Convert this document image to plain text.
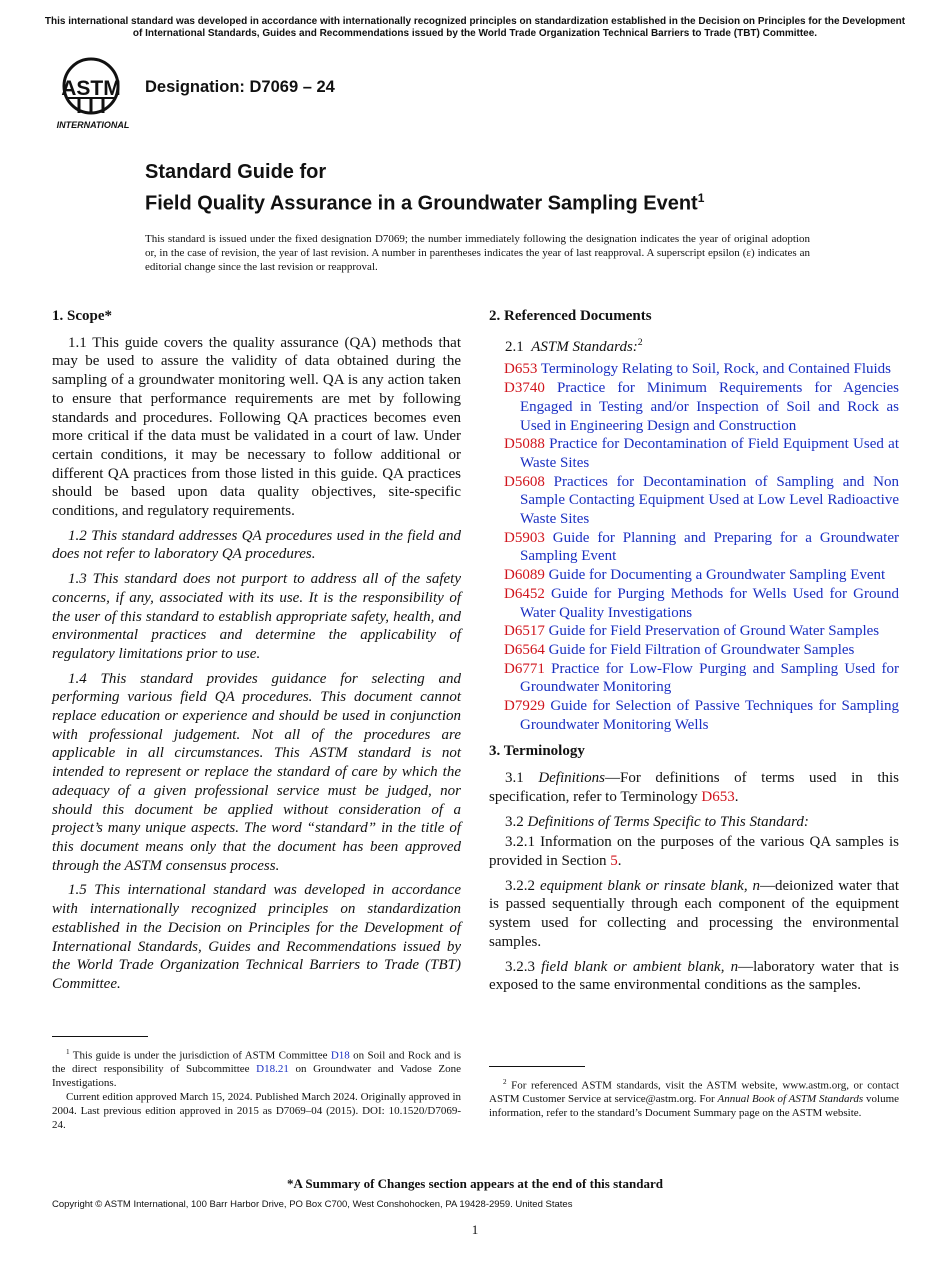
This international standard was developed in accordance with internationally recognized principles on standardization established in the Decision on Principles for the Development of International Standards, Guides and Recommendations issued by the World Trade Organization Technical Barriers to Trade (TBT) Committee.
ASTM
INTERNATIONAL
Designation: D7069 – 24
Standard Guide for
Field Quality Assurance in a Groundwater Sampling Event$^1$
This standard is issued under the fixed designation D7069; the number immediately following the designation indicates the year of original adoption or, in the case of revision, the year of last revision. A number in parentheses indicates the year of last reapproval. A superscript epsilon (ε) indicates an editorial change since the last revision or reapproval.
1. Scope*

1.1 This guide covers the quality assurance (QA) methods that may be used to assure the validity of data obtained during the sampling of a groundwater monitoring well. QA is any action taken to ensure that performance requirements are met by following standards and procedures. Following QA practices becomes even more critical if the data must be validated in a court of law. Under certain conditions, it may be necessary to follow additional or different QA practices from those listed in this guide. QA practices should be based upon data quality objectives, site-specific conditions, and regulatory requirements.

1.2 This standard addresses QA procedures used in the field and does not refer to laboratory QA procedures.

1.3 This standard does not purport to address all of the safety concerns, if any, associated with its use. It is the responsibility of the user of this standard to establish appropriate safety, health, and environmental practices and determine the applicability of regulatory limitations prior to use.

1.4 This standard provides guidance for selecting and performing various field QA procedures. This document cannot replace education or experience and should be used in conjunction with professional judgement. Not all of the procedures are applicable in all circumstances. This ASTM standard is not intended to represent or replace the standard of care by which the adequacy of a given professional service must be judged, nor should this document be applied without consideration of a project’s many unique aspects. The word “standard” in the title of this document means only that the document has been approved through the ASTM consensus process.

1.5 This international standard was developed in accordance with internationally recognized principles on standardization established in the Decision on Principles for the Development of International Standards, Guides and Recommendations issued by the World Trade Organization Technical Barriers to Trade (TBT) Committee.

$^1$ This guide is under the jurisdiction of ASTM Committee D18 on Soil and Rock and is the direct responsibility of Subcommittee D18.21 on Groundwater and Vadose Zone Investigations.

Current edition approved March 15, 2024. Published March 2024. Originally approved in 2004. Last previous edition approved in 2015 as D7069–04 (2015). DOI: 10.1520/D7069-24.

2. Referenced Documents
2.1 ASTM Standards:$^2$

D653 Terminology Relating to Soil, Rock, and Contained Fluids

D3740 Practice for Minimum Requirements for Agencies Engaged in Testing and/or Inspection of Soil and Rock as Used in Engineering Design and Construction

D5088 Practice for Decontamination of Field Equipment Used at Waste Sites

D5608 Practices for Decontamination of Sampling and Non Sample Contacting Equipment Used at Low Level Radioactive Waste Sites

D5903 Guide for Planning and Preparing for a Groundwater Sampling Event

D6089 Guide for Documenting a Groundwater Sampling Event

D6452 Guide for Purging Methods for Wells Used for Ground Water Quality Investigations

D6517 Guide for Field Preservation of Ground Water Samples

D6564 Guide for Field Filtration of Groundwater Samples

D6771 Practice for Low-Flow Purging and Sampling Used for Groundwater Monitoring

D7929 Guide for Selection of Passive Techniques for Sampling Groundwater Monitoring Wells

3. Terminology

3.1 Definitions—For definitions of terms used in this specification, refer to Terminology D653.

3.2 Definitions of Terms Specific to This Standard:

3.2.1 Information on the purposes of the various QA samples is provided in Section 5.

3.2.2 equipment blank or rinsate blank, n—deionized water that is passed sequentially through each component of the equipment system used for collecting and processing the environmental samples.

3.2.3 field blank or ambient blank, n—laboratory water that is exposed to the same environmental conditions as the samples.

$^2$ For referenced ASTM standards, visit the ASTM website, www.astm.org, or contact ASTM Customer Service at service@astm.org. For Annual Book of ASTM Standards volume information, refer to the standard’s Document Summary page on the ASTM website.

*A Summary of Changes section appears at the end of this standard
Copyright © ASTM International, 100 Barr Harbor Drive, PO Box C700, West Conshohocken, PA 19428-2959. United States
1
